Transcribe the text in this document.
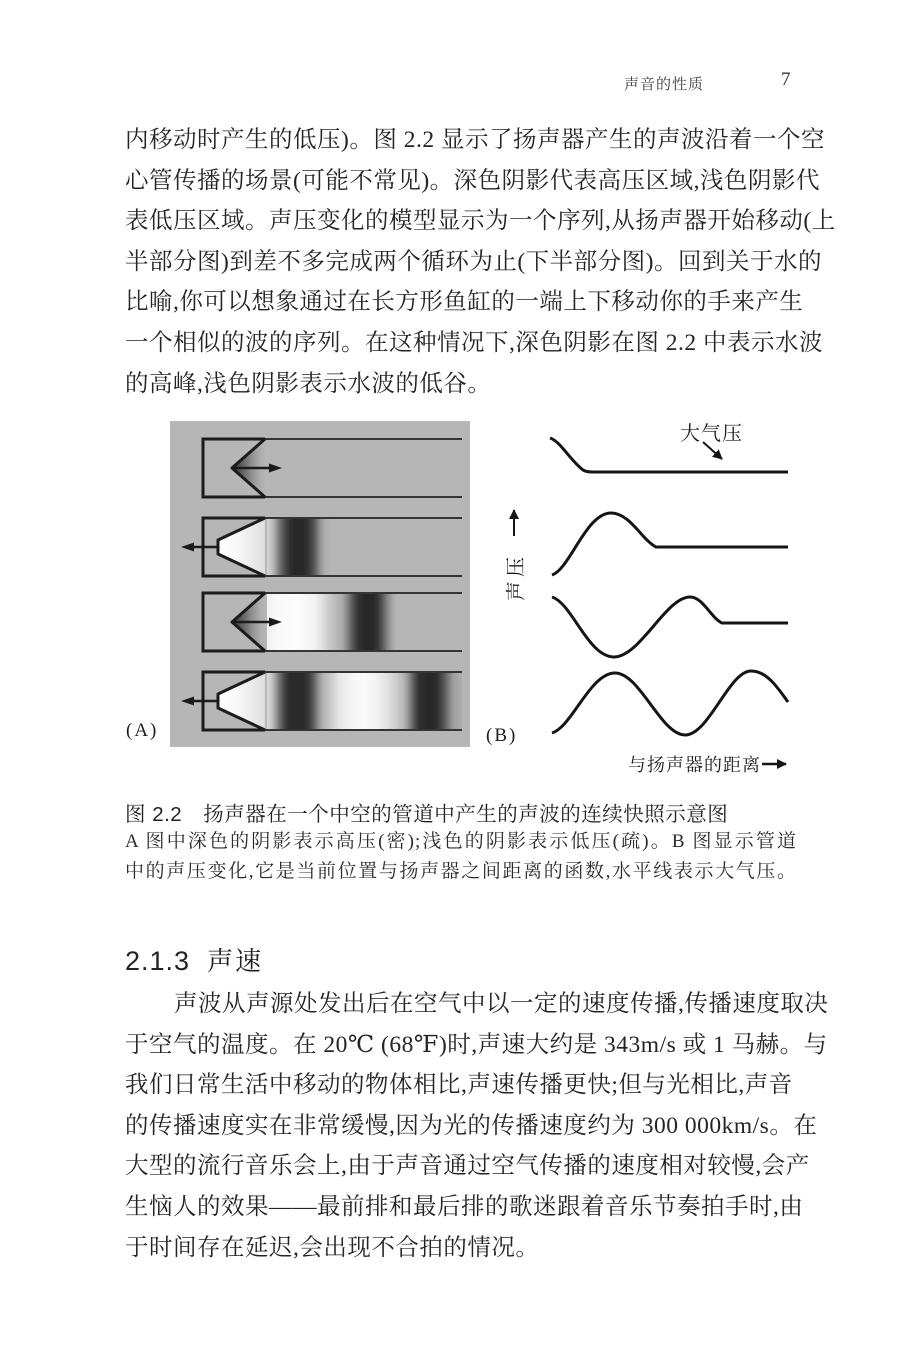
声音的性质	7
内移动时产生的低压)。图 2.2 显示了扬声器产生的声波沿着一个空
心管传播的场景(可能不常见)。深色阴影代表高压区域,浅色阴影代
表低压区域。声压变化的模型显示为一个序列,从扬声器开始移动(上
半部分图)到差不多完成两个循环为止(下半部分图)。回到关于水的
比喻,你可以想象通过在长方形鱼缸的一端上下移动你的手来产生
一个相似的波的序列。在这种情况下,深色阴影在图 2.2 中表示水波
的高峰,浅色阴影表示水波的低谷。
大气压
声压
与扬声器的距离
(A)	(B)
图 2.2　扬声器在一个中空的管道中产生的声波的连续快照示意图
A 图中深色的阴影表示高压(密);浅色的阴影表示低压(疏)。B 图显示管道
中的声压变化,它是当前位置与扬声器之间距离的函数,水平线表示大气压。
2.1.3 声速
声波从声源处发出后在空气中以一定的速度传播,传播速度取决
于空气的温度。在 20℃ (68℉)时,声速大约是 343m/s 或 1 马赫。与
我们日常生活中移动的物体相比,声速传播更快;但与光相比,声音
的传播速度实在非常缓慢,因为光的传播速度约为 300 000km/s。在
大型的流行音乐会上,由于声音通过空气传播的速度相对较慢,会产
生恼人的效果——最前排和最后排的歌迷跟着音乐节奏拍手时,由
于时间存在延迟,会出现不合拍的情况。
